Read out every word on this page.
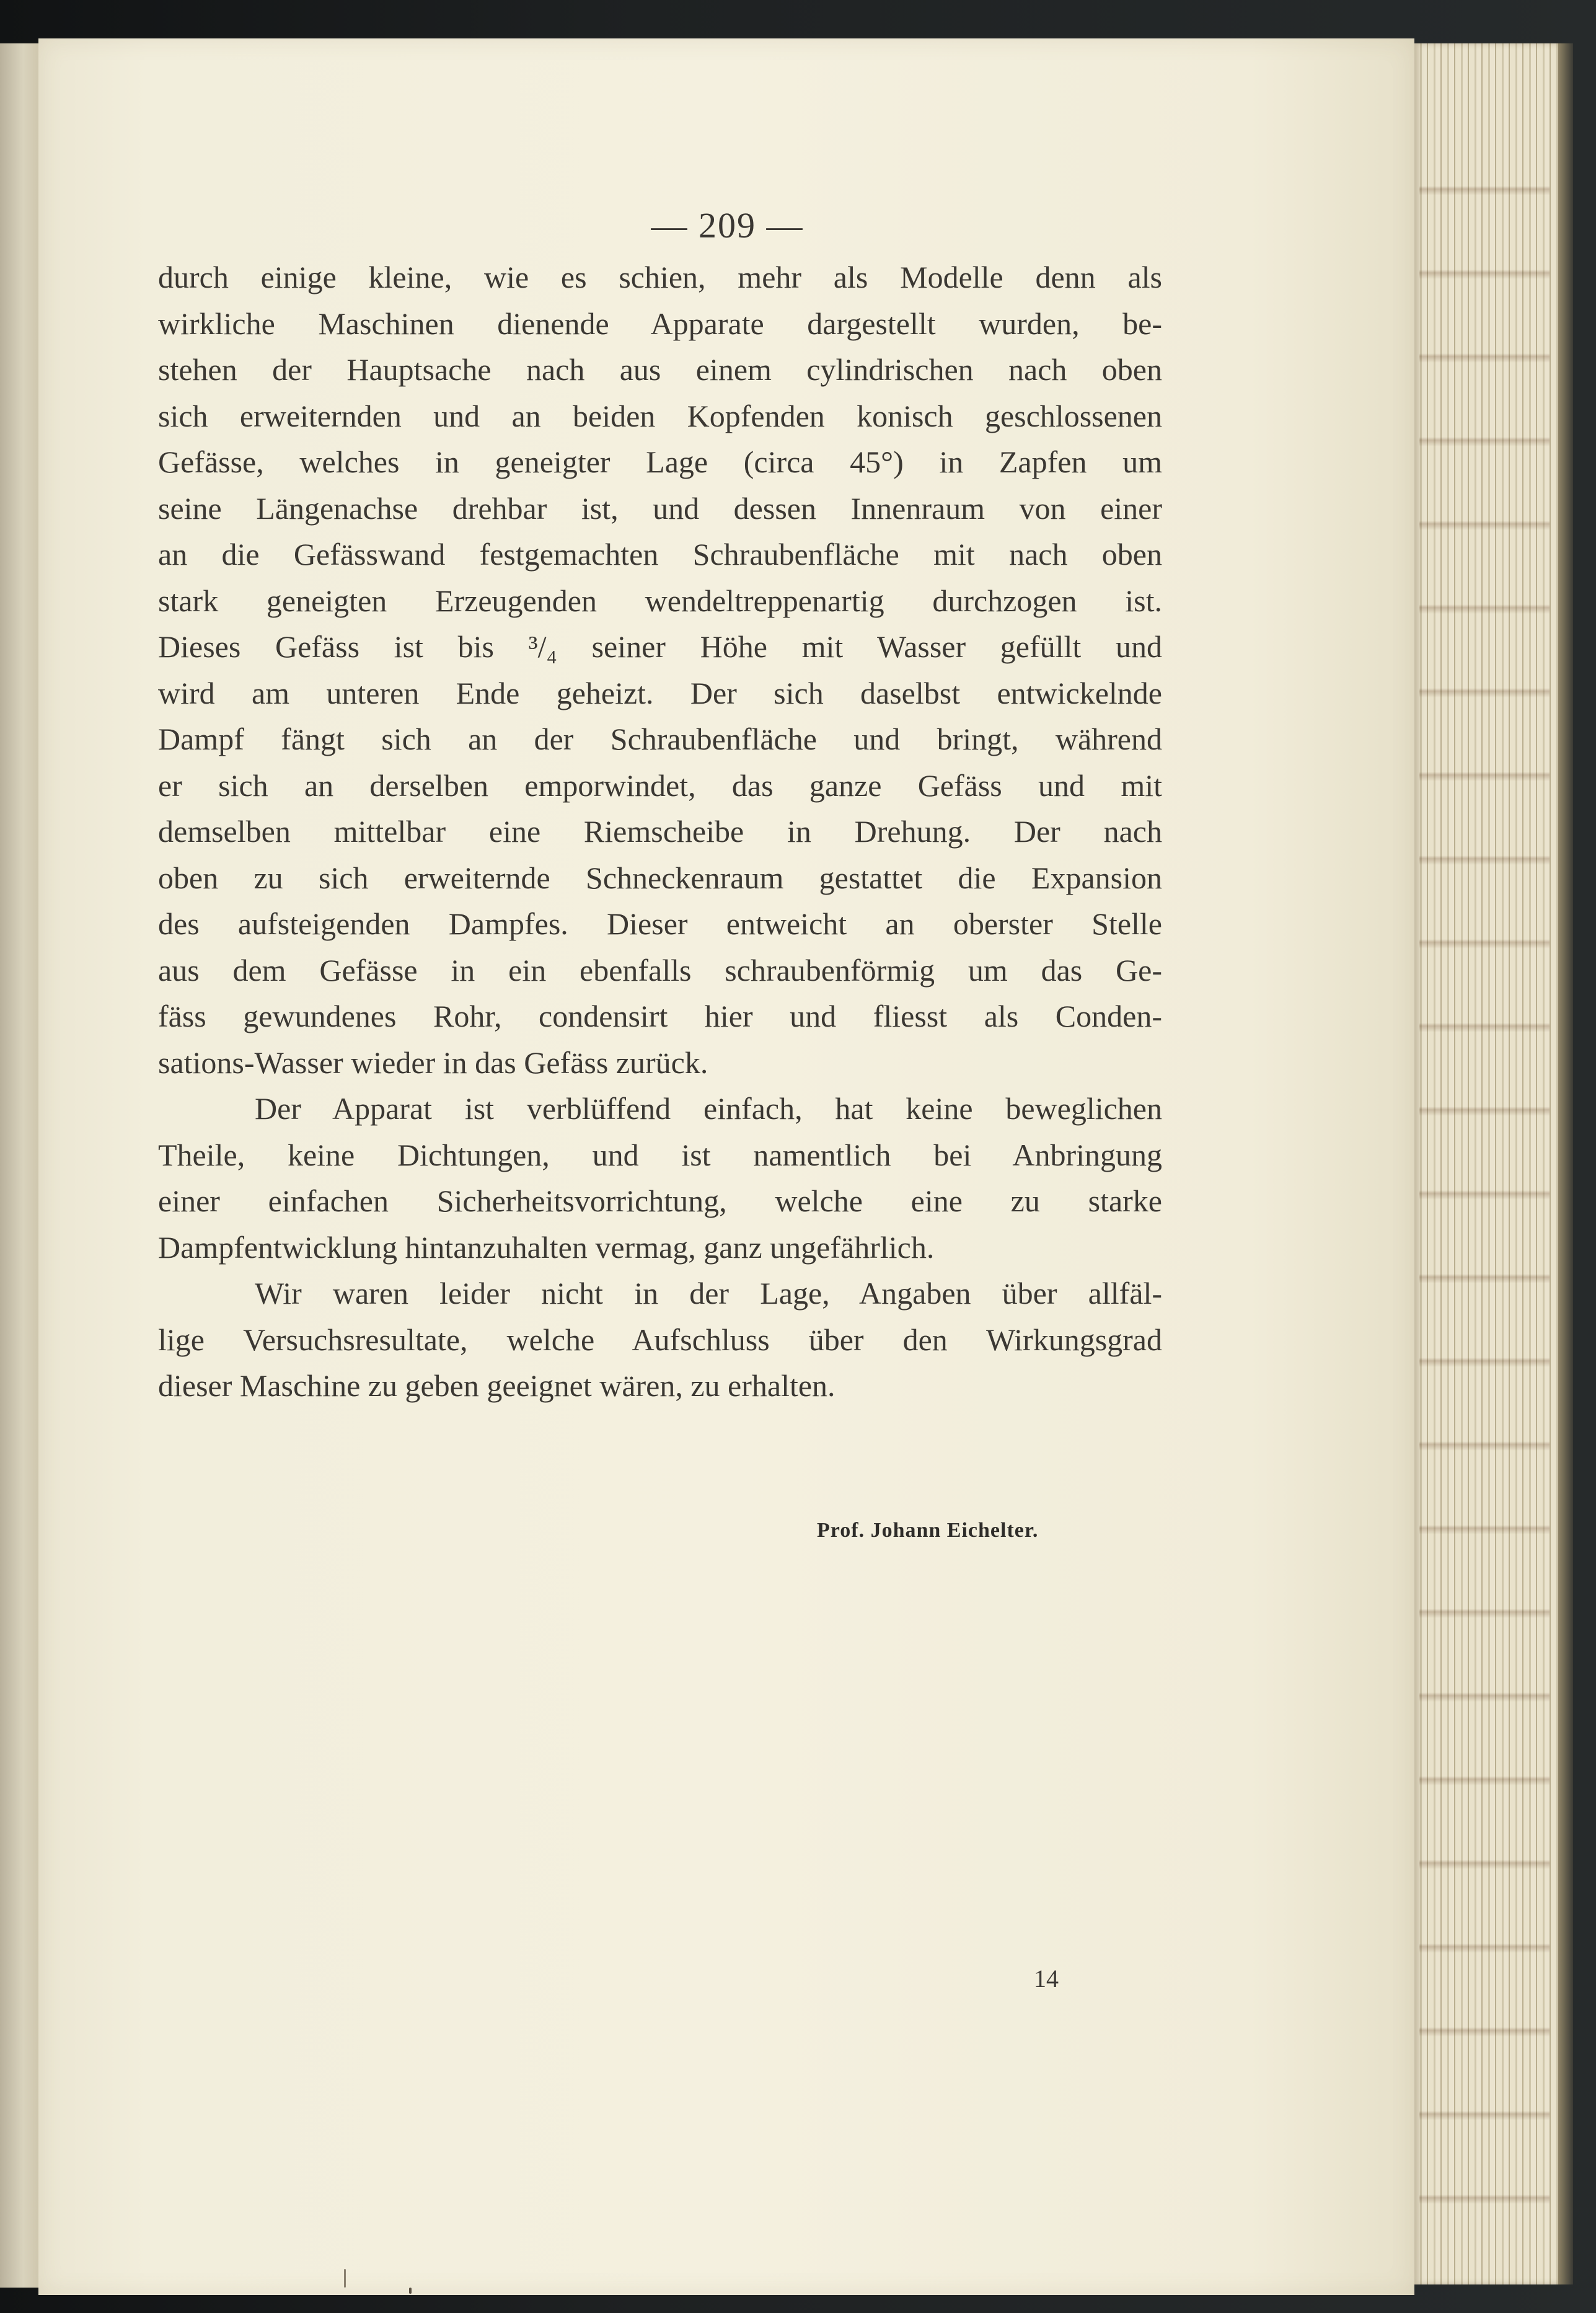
— 209 —
durch einige kleine, wie es schien, mehr als Modelle denn als
wirkliche Maschinen dienende Apparate dargestellt wurden, be-
stehen der Hauptsache nach aus einem cylindrischen nach oben
sich erweiternden und an beiden Kopfenden konisch geschlossenen
Gefässe, welches in geneigter Lage (circa 45°) in Zapfen um
seine Längenachse drehbar ist, und dessen Innenraum von einer
an die Gefässwand festgemachten Schraubenfläche mit nach oben
stark geneigten Erzeugenden wendeltreppenartig durchzogen ist.
Dieses Gefäss ist bis ³/₄ seiner Höhe mit Wasser gefüllt und
wird am unteren Ende geheizt. Der sich daselbst entwickelnde
Dampf fängt sich an der Schraubenfläche und bringt, während
er sich an derselben emporwindet, das ganze Gefäss und mit
demselben mittelbar eine Riemscheibe in Drehung. Der nach
oben zu sich erweiternde Schneckenraum gestattet die Expansion
des aufsteigenden Dampfes. Dieser entweicht an oberster Stelle
aus dem Gefässe in ein ebenfalls schraubenförmig um das Ge-
fäss gewundenes Rohr, condensirt hier und fliesst als Conden-
sations-Wasser wieder in das Gefäss zurück.
Der Apparat ist verblüffend einfach, hat keine beweglichen
Theile, keine Dichtungen, und ist namentlich bei Anbringung
einer einfachen Sicherheitsvorrichtung, welche eine zu starke
Dampfentwicklung hintanzuhalten vermag, ganz ungefährlich.
Wir waren leider nicht in der Lage, Angaben über allfäl-
lige Versuchsresultate, welche Aufschluss über den Wirkungsgrad
dieser Maschine zu geben geeignet wären, zu erhalten.
Prof. Johann Eichelter.
14
